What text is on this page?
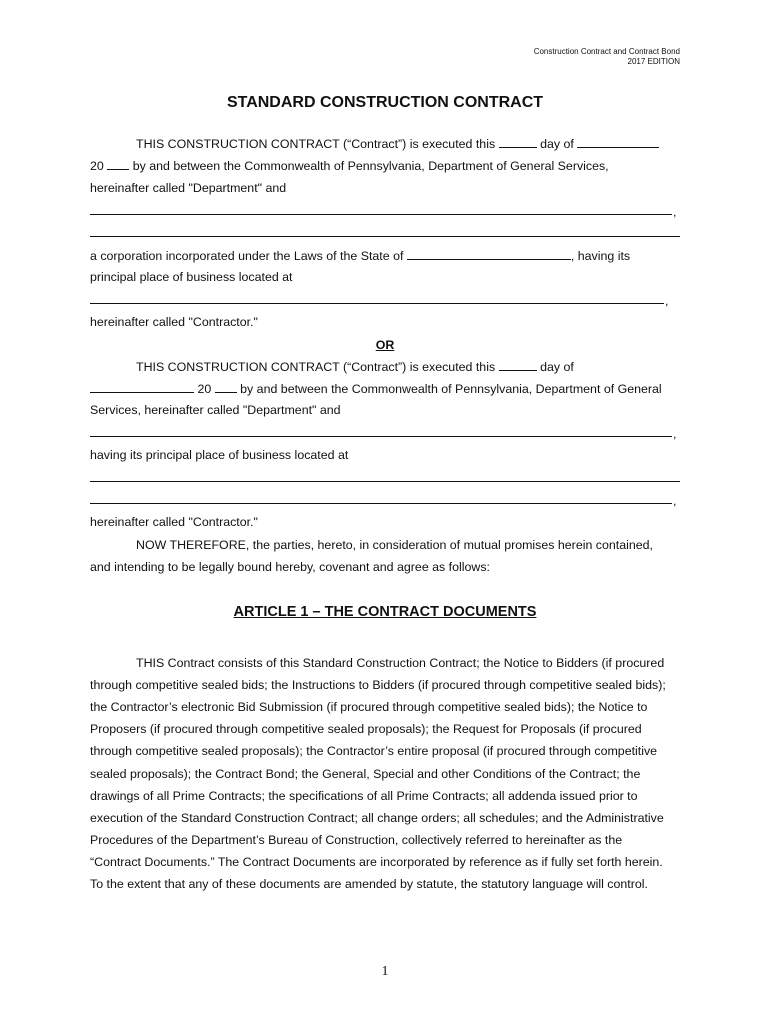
Construction Contract and Contract Bond
2017 EDITION
STANDARD CONSTRUCTION CONTRACT
THIS CONSTRUCTION CONTRACT (“Contract”) is executed this	day of
20 by and between the Commonwealth of Pennsylvania, Department of General Services,
hereinafter called "Department" and
,
a corporation incorporated under the Laws of the State of	, having its
principal place of business located at
,
hereinafter called "Contractor."
OR
THIS CONSTRUCTION CONTRACT (“Contract”) is executed this	day of
20 by and between the Commonwealth of Pennsylvania, Department of General
Services, hereinafter called "Department" and
,
having its principal place of business located at
,
hereinafter called "Contractor."
NOW THEREFORE, the parties, hereto, in consideration of mutual promises herein contained,
and intending to be legally bound hereby, covenant and agree as follows:
ARTICLE 1 – THE CONTRACT DOCUMENTS
THIS Contract consists of this Standard Construction Contract; the Notice to Bidders (if procured
through competitive sealed bids; the Instructions to Bidders (if procured through competitive sealed bids);
the Contractor’s electronic Bid Submission (if procured through competitive sealed bids); the Notice to
Proposers (if procured through competitive sealed proposals); the Request for Proposals (if procured
through competitive sealed proposals); the Contractor’s entire proposal (if procured through competitive
sealed proposals); the Contract Bond; the General, Special and other Conditions of the Contract; the
drawings of all Prime Contracts; the specifications of all Prime Contracts; all addenda issued prior to
execution of the Standard Construction Contract; all change orders; all schedules; and the Administrative
Procedures of the Department’s Bureau of Construction, collectively referred to hereinafter as the
“Contract Documents.” The Contract Documents are incorporated by reference as if fully set forth herein.
To the extent that any of these documents are amended by statute, the statutory language will control.
1
